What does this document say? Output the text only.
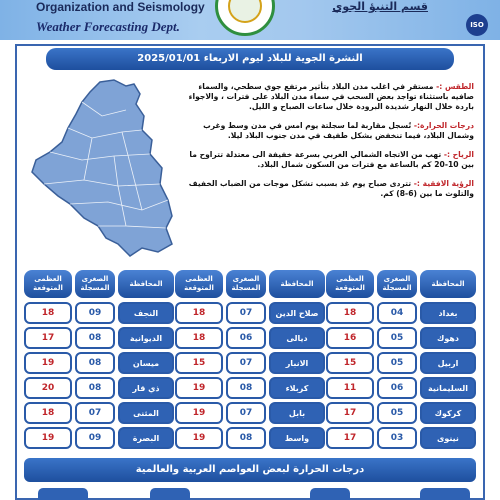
Organization and Seismology
Weather Forecasting Dept.
قسم التنبؤ الجوي
ISO
النشرة الجوية للبلاد ليوم الاربعاء 2025/01/01
الطقس :- مستقر في اغلب مدن البلاد بتأثير مرتفع جوي سطحي، والسماء صافيه باستثناء تواجد بعض السحب في سماء مدن البلاد على فترات ، والاجواء باردة خلال النهار شديدة البرودة خلال ساعات الصباح و الليل.
درجات الحرارة:- تُسجل مقاربة لما سجلتة يوم امس في مدن وسط وغرب وشمال البلاد، فيما تنخفض بشكل طفيف في مدن جنوب البلاد ليلا.
الرياح :- تهب من الاتجاه الشمالي الغربي بسرعة خفيفة الى معتدلة تتراوح ما بين 10-20 كم بالساعة مع فترات من السكون شمال البلاد.
الرؤية الافقية :- تتردى صباح يوم غد بسبب تشكل موجات من الضباب الخفيف والتلوث ما بين (6-8) كم.
المحافظة
الصغرى المسجلة
العظمى المتوقعة
بغداد
04
18
دهوك
05
16
اربيل
05
15
السليمانية
06
11
كركوك
05
17
نينوى
03
17
المحافظة
الصغرى المسجلة
العظمى المتوقعة
صلاح الدين
07
18
ديالى
06
18
الانبار
07
15
كربلاء
08
19
بابل
07
19
واسط
08
19
المحافظة
الصغرى المسجلة
العظمى المتوقعة
النجف
09
18
الديوانية
08
17
ميسان
08
19
ذي قار
08
20
المثنى
07
18
البصرة
09
19
درجات الحرارة لبعض العواصم العربية والعالمية
